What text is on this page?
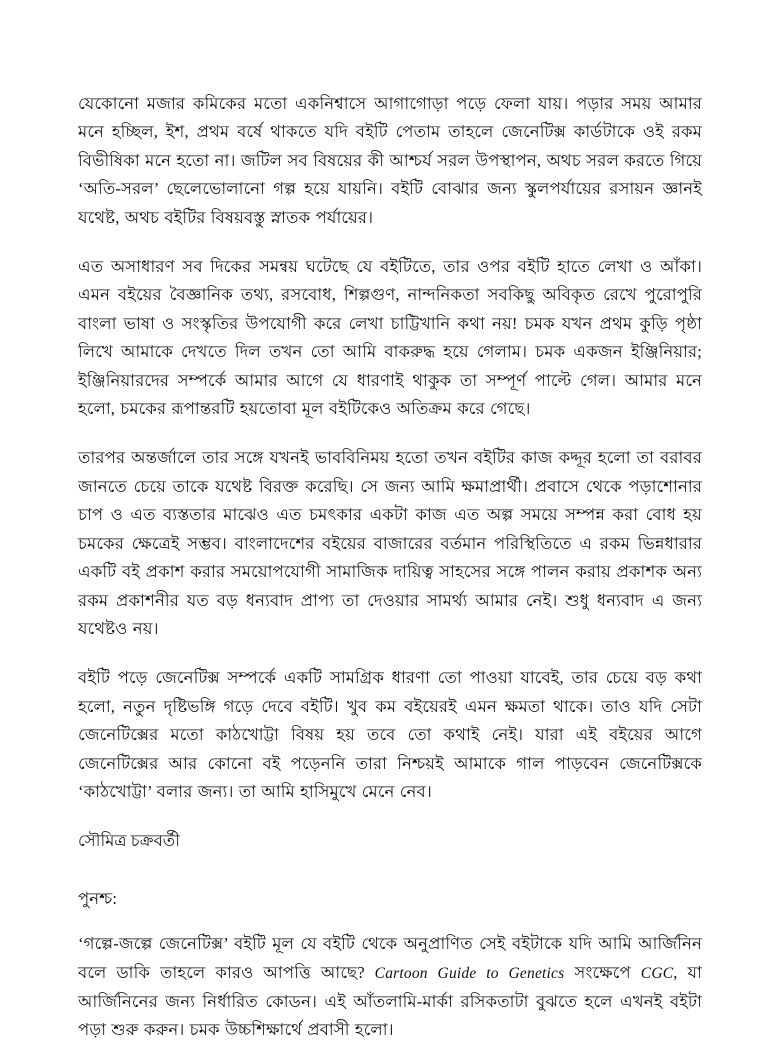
যেকোনো মজার কমিকের মতো একনিশ্বাসে আগাগোড়া পড়ে ফেলা যায়। পড়ার সময় আমার মনে হচ্ছিল, ইশ, প্রথম বর্ষে থাকতে যদি বইটি পেতাম তাহলে জেনেটিক্স কার্ডটাকে ওই রকম বিভীষিকা মনে হতো না। জটিল সব বিষয়ের কী আশ্চর্য সরল উপস্থাপন, অথচ সরল করতে গিয়ে ‘অতি-সরল’ ছেলেভোলানো গল্প হয়ে যায়নি। বইটি বোঝার জন্য স্কুলপর্যায়ের রসায়ন জ্ঞানই যথেষ্ট, অথচ বইটির বিষয়বস্তু স্নাতক পর্যায়ের।

এত অসাধারণ সব দিকের সমন্বয় ঘটেছে যে বইটিতে, তার ওপর বইটি হাতে লেখা ও আঁকা। এমন বইয়ের বৈজ্ঞানিক তথ্য, রসবোধ, শিল্পগুণ, নান্দনিকতা সবকিছু অবিকৃত রেখে পুরোপুরি বাংলা ভাষা ও সংস্কৃতির উপযোগী করে লেখা চাট্টিখানি কথা নয়! চমক যখন প্রথম কুড়ি পৃষ্ঠা লিখে আমাকে দেখতে দিল তখন তো আমি বাকরুদ্ধ হয়ে গেলাম। চমক একজন ইঞ্জিনিয়ার; ইঞ্জিনিয়ারদের সম্পর্কে আমার আগে যে ধারণাই থাকুক তা সম্পূর্ণ পাল্টে গেল। আমার মনে হলো, চমকের রূপান্তরটি হয়তোবা মূল বইটিকেও অতিক্রম করে গেছে।

তারপর অন্তর্জালে তার সঙ্গে যখনই ভাববিনিময় হতো তখন বইটির কাজ কদ্দূর হলো তা বরাবর জানতে চেয়ে তাকে যথেষ্ট বিরক্ত করেছি। সে জন্য আমি ক্ষমাপ্রার্থী। প্রবাসে থেকে পড়াশোনার চাপ ও এত ব্যস্ততার মাঝেও এত চমৎকার একটা কাজ এত অল্প সময়ে সম্পন্ন করা বোধ হয় চমকের ক্ষেত্রেই সম্ভব। বাংলাদেশের বইয়ের বাজারের বর্তমান পরিস্থিতিতে এ রকম ভিন্নধারার একটি বই প্রকাশ করার সময়োপযোগী সামাজিক দায়িত্ব সাহসের সঙ্গে পালন করায় প্রকাশক অন্য রকম প্রকাশনীর যত বড় ধন্যবাদ প্রাপ্য তা দেওয়ার সামর্থ্য আমার নেই। শুধু ধন্যবাদ এ জন্য যথেষ্টও নয়।

বইটি পড়ে জেনেটিক্স সম্পর্কে একটি সামগ্রিক ধারণা তো পাওয়া যাবেই, তার চেয়ে বড় কথা হলো, নতুন দৃষ্টিভঙ্গি গড়ে দেবে বইটি। খুব কম বইয়েরই এমন ক্ষমতা থাকে। তাও যদি সেটা জেনেটিক্সের মতো কাঠখোট্টা বিষয় হয় তবে তো কথাই নেই। যারা এই বইয়ের আগে জেনেটিক্সের আর কোনো বই পড়েননি তারা নিশ্চয়ই আমাকে গাল পাড়বেন জেনেটিক্সকে ‘কাঠখোট্টা’ বলার জন্য। তা আমি হাসিমুখে মেনে নেব।

সৌমিত্র চক্রবর্তী
পুনশ্চ:

‘গল্পে-জল্পে জেনেটিক্স’ বইটি মূল যে বইটি থেকে অনুপ্রাণিত সেই বইটাকে যদি আমি আর্জিনিন বলে ডাকি তাহলে কারও আপত্তি আছে? Cartoon Guide to Genetics সংক্ষেপে CGC, যা আর্জিনিনের জন্য নির্ধারিত কোডন। এই আঁতলামি-মার্কা রসিকতাটা বুঝতে হলে এখনই বইটা পড়া শুরু করুন। চমক উচ্চশিক্ষার্থে প্রবাসী হলো।
